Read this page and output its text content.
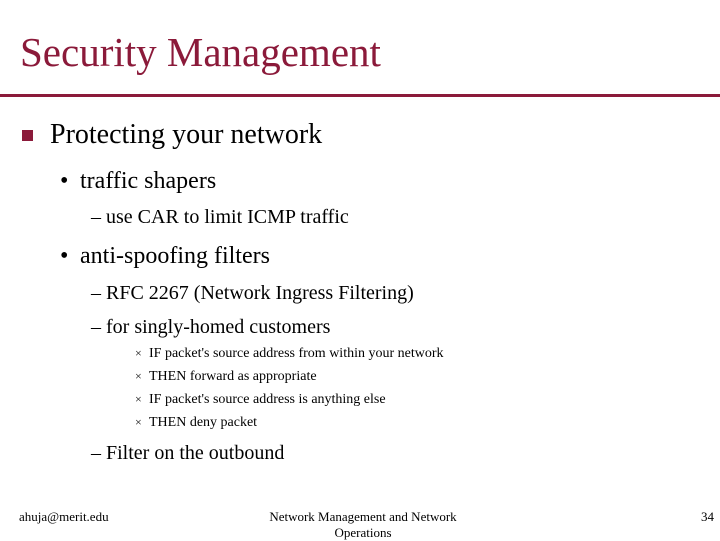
Security Management
Protecting your network
• traffic shapers
– use CAR to limit ICMP traffic
• anti-spoofing filters
– RFC 2267 (Network Ingress Filtering)
– for singly-homed customers
× IF packet's source address from within your network
× THEN forward as appropriate
× IF packet's source address is anything else
× THEN deny packet
– Filter on the outbound
ahuja@merit.edu	Network Management and Network Operations
34
